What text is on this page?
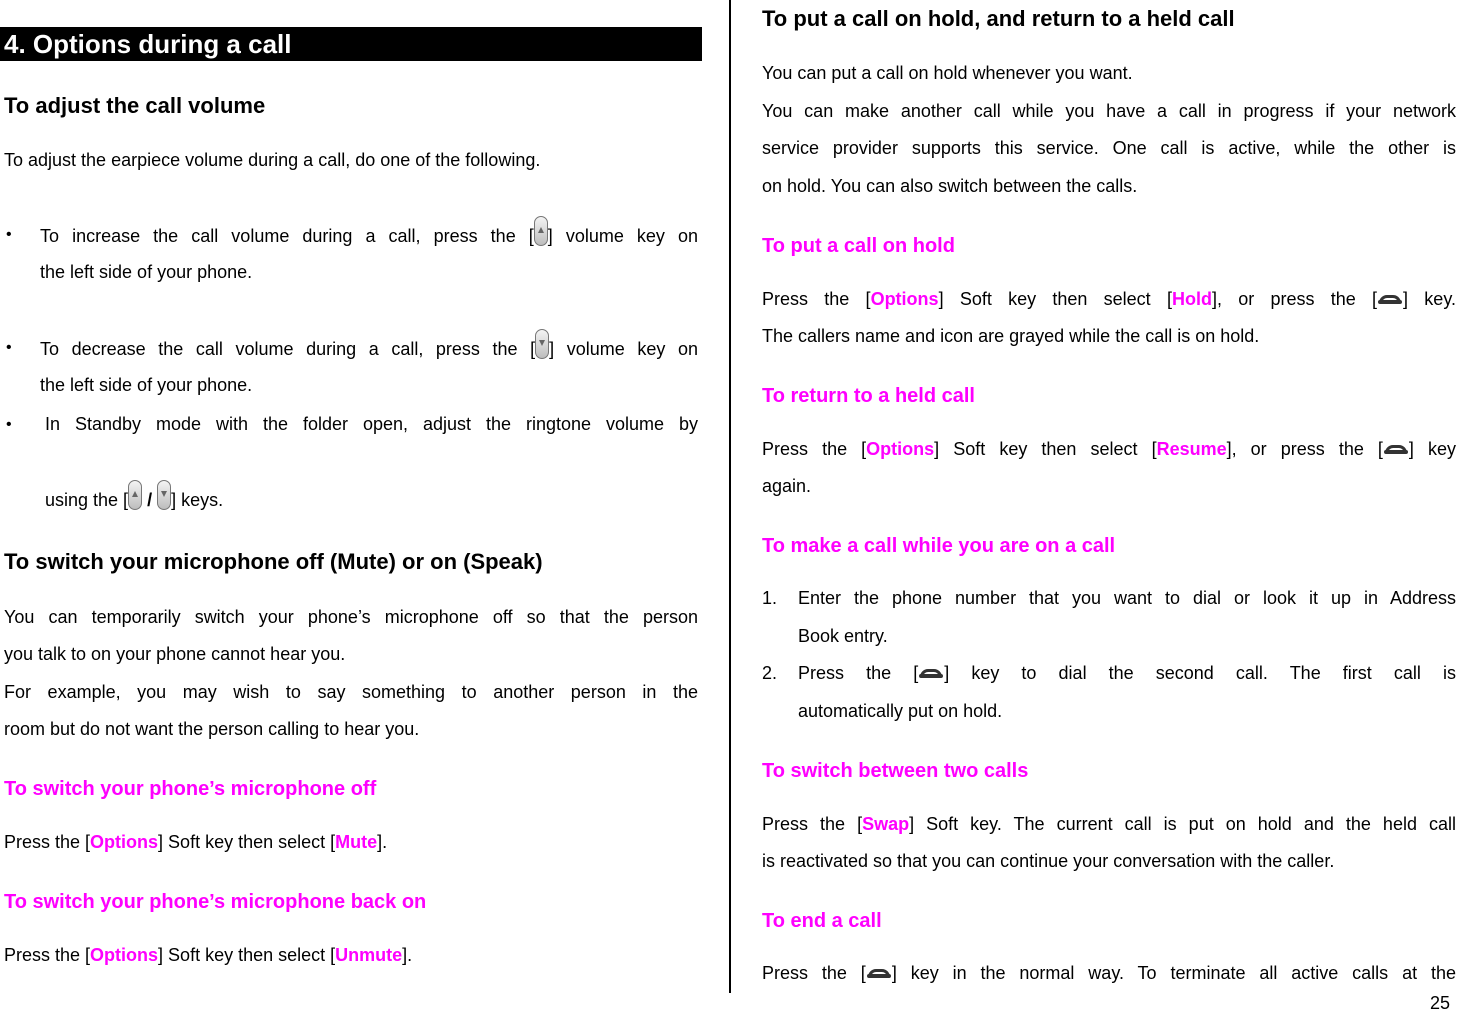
4. Options during a call
To adjust the call volume
To adjust the earpiece volume during a call, do one of the following.
• To increase the call volume during a call, press the [ ] volume key on
the left side of your phone.
• To decrease the call volume during a call, press the [ ] volume key on
the left side of your phone.
• In Standby mode with the folder open, adjust the ringtone volume by
using the [ / ] keys.
To switch your microphone off (Mute) or on (Speak)
You can temporarily switch your phone’s microphone off so that the person
you talk to on your phone cannot hear you.
For example, you may wish to say something to another person in the
room but do not want the person calling to hear you.
To switch your phone’s microphone off
Press the [Options] Soft key then select [Mute].
To switch your phone’s microphone back on
Press the [Options] Soft key then select [Unmute].
To put a call on hold, and return to a held call
You can put a call on hold whenever you want.
You can make another call while you have a call in progress if your network
service provider supports this service. One call is active, while the other is
on hold. You can also switch between the calls.
To put a call on hold
Press the [Options] Soft key then select [Hold], or press the [ ] key.
The callers name and icon are grayed while the call is on hold.
To return to a held call
Press the [Options] Soft key then select [Resume], or press the [ ] key
again.
To make a call while you are on a call
1. Enter the phone number that you want to dial or look it up in Address
Book entry.
2. Press the [ ] key to dial the second call. The first call is
automatically put on hold.
To switch between two calls
Press the [Swap] Soft key. The current call is put on hold and the held call
is reactivated so that you can continue your conversation with the caller.
To end a call
Press the [ ] key in the normal way. To terminate all active calls at the
25
